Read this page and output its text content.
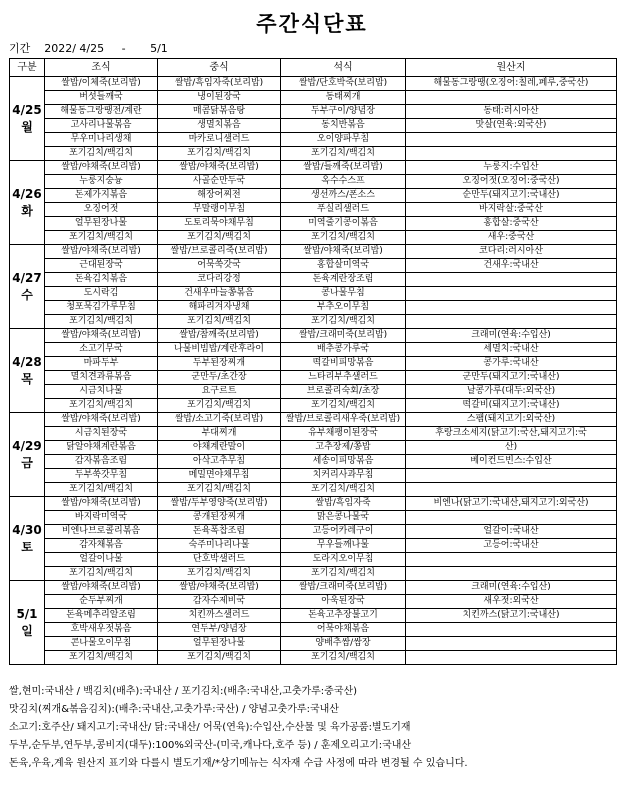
주간식단표
기간    2022/ 4/25     -       5/1
구분	조식	중식	석식	원산지

4/25
월	쌀밥/이체죽(보리밥)	쌀밥/흑임자죽(보리밥)	쌀밥/단호박죽(보리밥)	해물동그랑땡(오징어:칠레,페루,중국산)
	버섯들깨국	냉이된장국	동태찌개	
	해물동그랑땡전/계란	매콤닭볶음탕	두부구이/양념장	동태:러시아산
	고사리나물볶음	생멸치볶음	동치반볶음	맛살(연육:외국산)
	무우미나리생채	마카로니샐러드	오이양파무침	
	포기김치/백김치	포기김치/백김치	포기김치/백김치	

4/26
화	쌀밥/야채죽(보리밥)	쌀밥/야채죽(보리밥)	쌀밥/들깨죽(보리밥)	누룽지:수입산
	누룽지숭늉	사골순만두국	옥수수스프	오징어젓(오징어:중국산)
	돈제가지볶음	해장어찌전	생선까스/폰소스	순만두(돼지고기:국내산)
	오징어젓	무말랭이무침	푸실리샐러드	바지락살:중국산
	얼무된장나물	도토리묵야채무침	미역줄기콩이볶음	홍합살:중국산
	포기김치/백김치	포기김치/백김치	포기김치/백김치	새우:중국산

4/27
수	쌀밥/야채죽(보리밥)	쌀밥/브로콜리죽(보리밥)	쌀밥/야채죽(보리밥)	코다리:러시아산
	근대된장국	어묵쑥갓국	홍합살미역국	건새우:국내산
	돈육김치볶음	코다리강정	돈육계란장조림	
	도시락김	건새우마늘쫑볶음	콩나물무침	
	청포묵김가루무침	해파리겨자냉채	부추오이무침	
	포기김치/백김치	포기김치/백김치	포기김치/백김치	

4/28
목	쌀밥/야채죽(보리밥)	쌀밥/참깨죽(보리밥)	쌀밥/크래미죽(보리밥)	크래미(연육:수입산)
	소고기무국	나물비빔밥/계란후라이	배추콩가루국	세멸치:국내산
	마파두부	두부된장찌개	떡갈비피망볶음	콩가루:국내산
	멸치견과류볶음	군만두/초간장	느타리부추샐러드	군만두(돼지고기:국내산)
	시금치나물	요구르트	브로콜리숙회/초장	날콩가루(대두:외국산)
	포기김치/백김치	포기김치/백김치	포기김치/백김치	떡갈비(돼지고기:국내산)

4/29
금	쌀밥/야채죽(보리밥)	쌀밥/소고기죽(보리밥)	쌀밥/브로콜리새우죽(보리밥)	스팸(돼지고기:외국산)
	시금치된장국	부대찌개	유부채팽이된장국	후랑크소세지(닭고기:국산,돼지고기:국
	닭알야채계란볶음	야채계란말이	고추장제/쫑밥	산)
	감자볶음조림	아삭고추무침	세송이피망볶음	베이컨드빈스:수입산
	두부쑥갓무침	메밀면야채무침	치커리사과무침	
	포기김치/백김치	포기김치/백김치	포기김치/백김치	

4/30
토	쌀밥/야채죽(보리밥)	쌀밥/두부영양죽(보리밥)	쌀밥/흑임자죽	비엔나(닭고기:국내산,돼지고기:외국산)
	바지락미역국	콩개된장찌개	맑은콩나물국	
	비엔나브로콜리볶음	돈육폭찹조림	고등어카레구이	얼갈이:국내산
	감자채볶음	숙주미나리나물	무우들깨나물	고등어:국내산
	얼갈이나물	단호박샐러드	도라지오이무침	
	포기김치/백김치	포기김치/백김치	포기김치/백김치	

5/1
일	쌀밥/야채죽(보리밥)	쌀밥/야채죽(보리밥)	쌀밥/크래미죽(보리밥)	크래미(연육:수입산)
	순두부찌개	감자수제비국	아욱된장국	새우젓:외국산
	돈육메추리알조림	치킨까스샐러드	돈육고추장불고기	치킨까스(닭고기:국내산)
	호박새우젓볶음	연두부/양념장	어묵야채볶음	
	콘나물오이무침	얼무된장나물	양배추쌈/쌈장	
	포기김치/백김치	포기김치/백김치	포기김치/백김치	
쌀,현미:국내산 / 백김치(배추):국내산 / 포기김치:(배추:국내산,고춧가루:중국산)
맛김치(찌개&볶음김치):(배추:국내산,고춧가루:국산) / 양념고춧가루:국내산
소고기:호주산/ 돼지고기:국내산/ 닭:국내산/ 어묵(연육):수입산,수산물 및 육가공품:별도기재
두부,순두부,연두부,콩비지(대두):100%외국산-(미국,캐나다,호주 등) / 훈제오리고기:국내산
돈육,우육,계육 원산지 표기와 다를시 별도기재/*상기메뉴는 식자재 수급 사정에 따라 변경될 수 있습니다.
